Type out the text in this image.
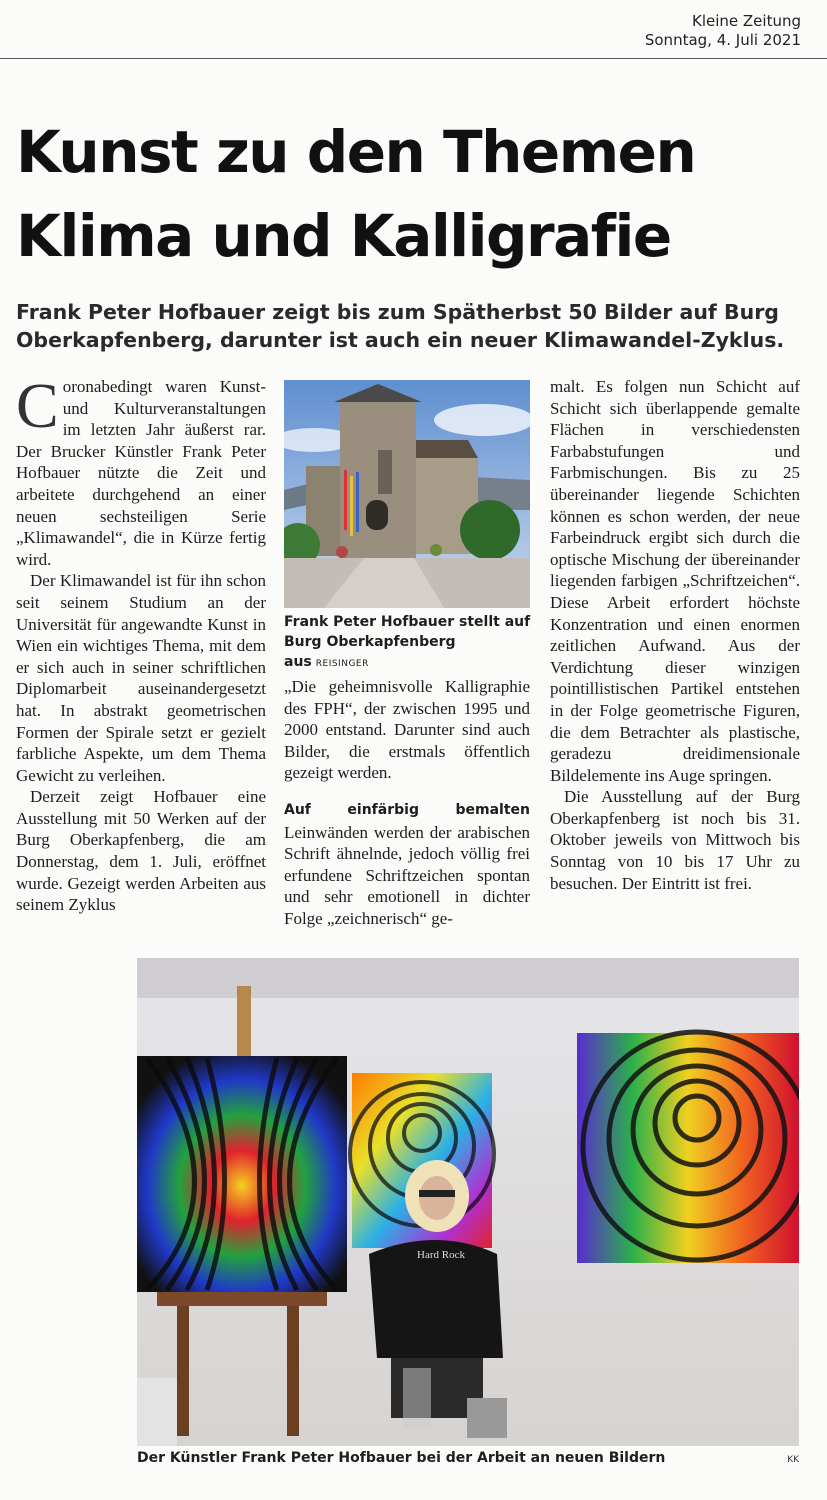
Kleine Zeitung
Sonntag, 4. Juli 2021
Kunst zu den Themen
Klima und Kalligrafie

Frank Peter Hofbauer zeigt bis zum Spätherbst 50 Bilder auf Burg Oberkapfenberg, darunter ist auch ein neuer Klimawandel-Zyklus.

Coronabedingt waren Kunst- und Kulturveranstaltungen im letzten Jahr äußerst rar. Der Brucker Künstler Frank Peter Hofbauer nützte die Zeit und arbeitete durchgehend an einer neuen sechsteiligen Serie „Klimawandel“, die in Kürze fertig wird.

Der Klimawandel ist für ihn schon seit seinem Studium an der Universität für angewandte Kunst in Wien ein wichtiges Thema, mit dem er sich auch in seiner schriftlichen Diplomarbeit auseinandergesetzt hat. In abstrakt geometrischen Formen der Spirale setzt er gezielt farbliche Aspekte, um dem Thema Gewicht zu verleihen.

Derzeit zeigt Hofbauer eine Ausstellung mit 50 Werken auf der Burg Oberkapfenberg, die am Donnerstag, dem 1. Juli, eröffnet wurde. Gezeigt werden Arbeiten aus seinem Zyklus

Frank Peter Hofbauer stellt auf Burg Oberkapfenberg aus REISINGER

„Die geheimnisvolle Kalligraphie des FPH“, der zwischen 1995 und 2000 entstand. Darunter sind auch Bilder, die erstmals öffentlich gezeigt werden.

Auf einfärbig bemalten Leinwänden werden der arabischen Schrift ähnelnde, jedoch völlig frei erfundene Schriftzeichen spontan und sehr emotionell in dichter Folge „zeichnerisch“ ge-

malt. Es folgen nun Schicht auf Schicht sich überlappende gemalte Flächen in verschiedensten Farbabstufungen und Farbmischungen. Bis zu 25 übereinander liegende Schichten können es schon werden, der neue Farbeindruck ergibt sich durch die optische Mischung der übereinander liegenden farbigen „Schriftzeichen“. Diese Arbeit erfordert höchste Konzentration und einen enormen zeitlichen Aufwand. Aus der Verdichtung dieser winzigen pointillistischen Partikel entstehen in der Folge geometrische Figuren, die dem Betrachter als plastische, geradezu dreidimensionale Bildelemente ins Auge springen.

Die Ausstellung auf der Burg Oberkapfenberg ist noch bis 31. Oktober jeweils von Mittwoch bis Sonntag von 10 bis 17 Uhr zu besuchen. Der Eintritt ist frei.

Hard Rock
Der Künstler Frank Peter Hofbauer bei der Arbeit an neuen Bildern	KK
